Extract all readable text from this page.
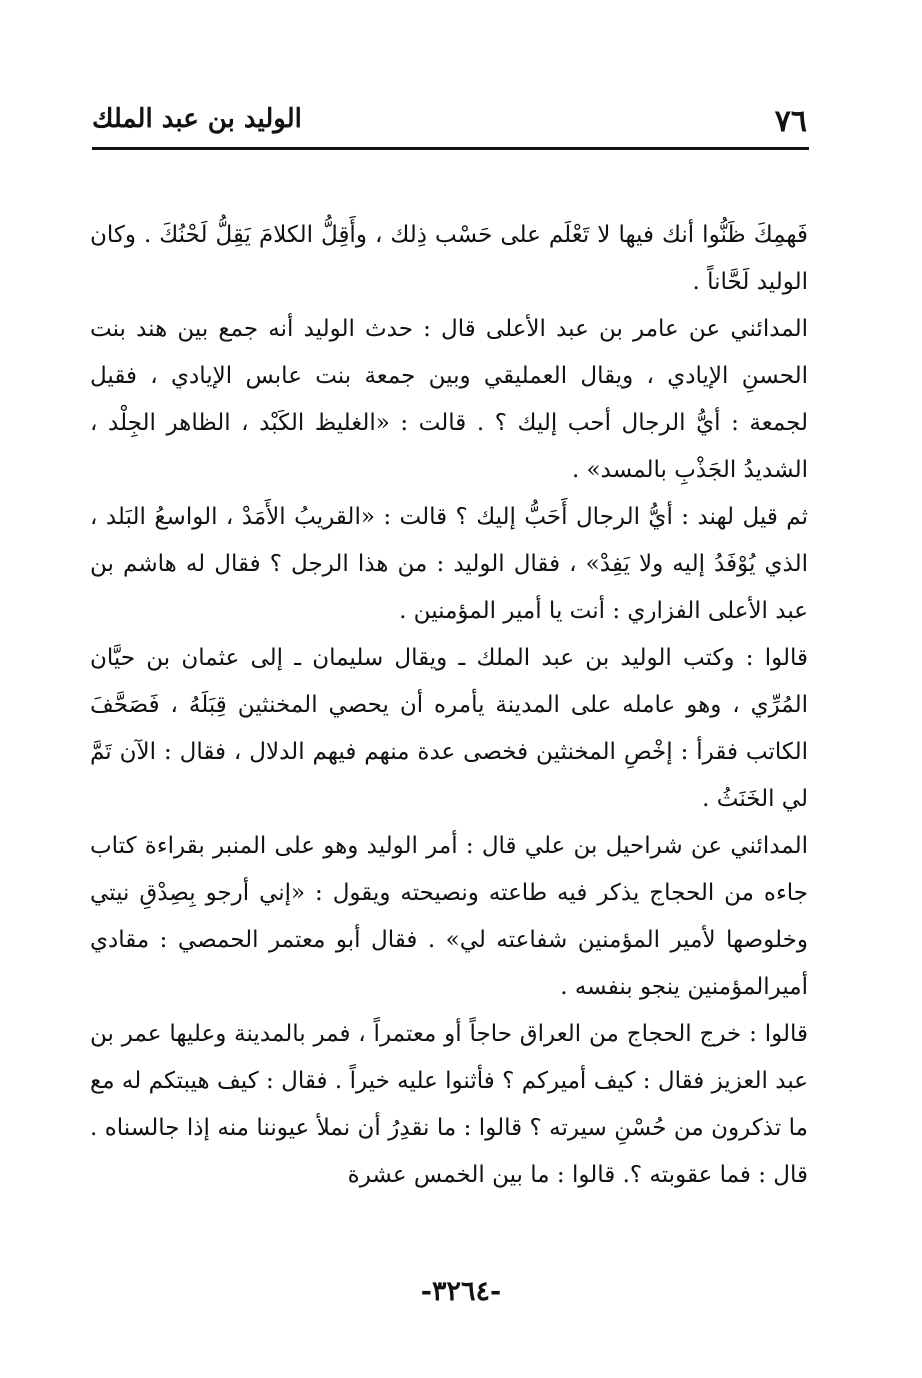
٧٦
الوليد بن عبد الملك

فَهمِكَ ظَنُّوا أنك فيها لا تَعْلَم على حَسْب ذِلك ، وأَقِلُّ الكلامَ يَقِلُّ لَحْنُكَ . وكان الوليد لَحَّاناً .

المدائني عن عامر بن عبد الأعلى قال : حدث الوليد أنه جمع بين هند بنت الحسنِ الإيادي ، ويقال العمليقي وبين جمعة بنت عابس الإيادي ، فقيل لجمعة : أيُّ الرجال أحب إليك ؟ . قالت : «الغليظ الكَبْد ، الظاهر الجِلْد ، الشديدُ الجَذْبِ بالمسد» .

ثم قيل لهند : أيُّ الرجال أَحَبُّ إليك ؟ قالت : «القريبُ الأَمَدْ ، الواسعُ البَلد ، الذي يُوْفَدُ إليه ولا يَفِدْ» ، فقال الوليد : من هذا الرجل ؟ فقال له هاشم بن عبد الأعلى الفزاري : أنت يا أمير المؤمنين .

قالوا : وكتب الوليد بن عبد الملك ـ ويقال سليمان ـ إلى عثمان بن حيَّان المُرِّي ، وهو عامله على المدينة يأمره أن يحصي المخنثين قِبَلَهُ ، فَصَحَّفَ الكاتب فقرأ : إخْصِ المخنثين فخصى عدة منهم فيهم الدلال ، فقال : الآن تَمَّ لي الخَنَثُ .

المدائني عن شراحيل بن علي قال : أمر الوليد وهو على المنبر بقراءة كتاب جاءه من الحجاج يذكر فيه طاعته ونصيحته ويقول : «إني أرجو بِصِدْقِ نيتي وخلوصها لأمير المؤمنين شفاعته لي» . فقال أبو معتمر الحمصي : مقادي أميرالمؤمنين ينجو بنفسه .

قالوا : خرج الحجاج من العراق حاجاً أو معتمراً ، فمر بالمدينة وعليها عمر بن عبد العزيز فقال : كيف أميركم ؟ فأثنوا عليه خيراً . فقال : كيف هيبتكم له مع ما تذكرون من حُسْنِ سيرته ؟ قالوا : ما نقدِرُ أن نملأ عيوننا منه إذا جالسناه . قال : فما عقوبته ؟. قالوا : ما بين الخمس عشرة

-٣٢٦٤-
